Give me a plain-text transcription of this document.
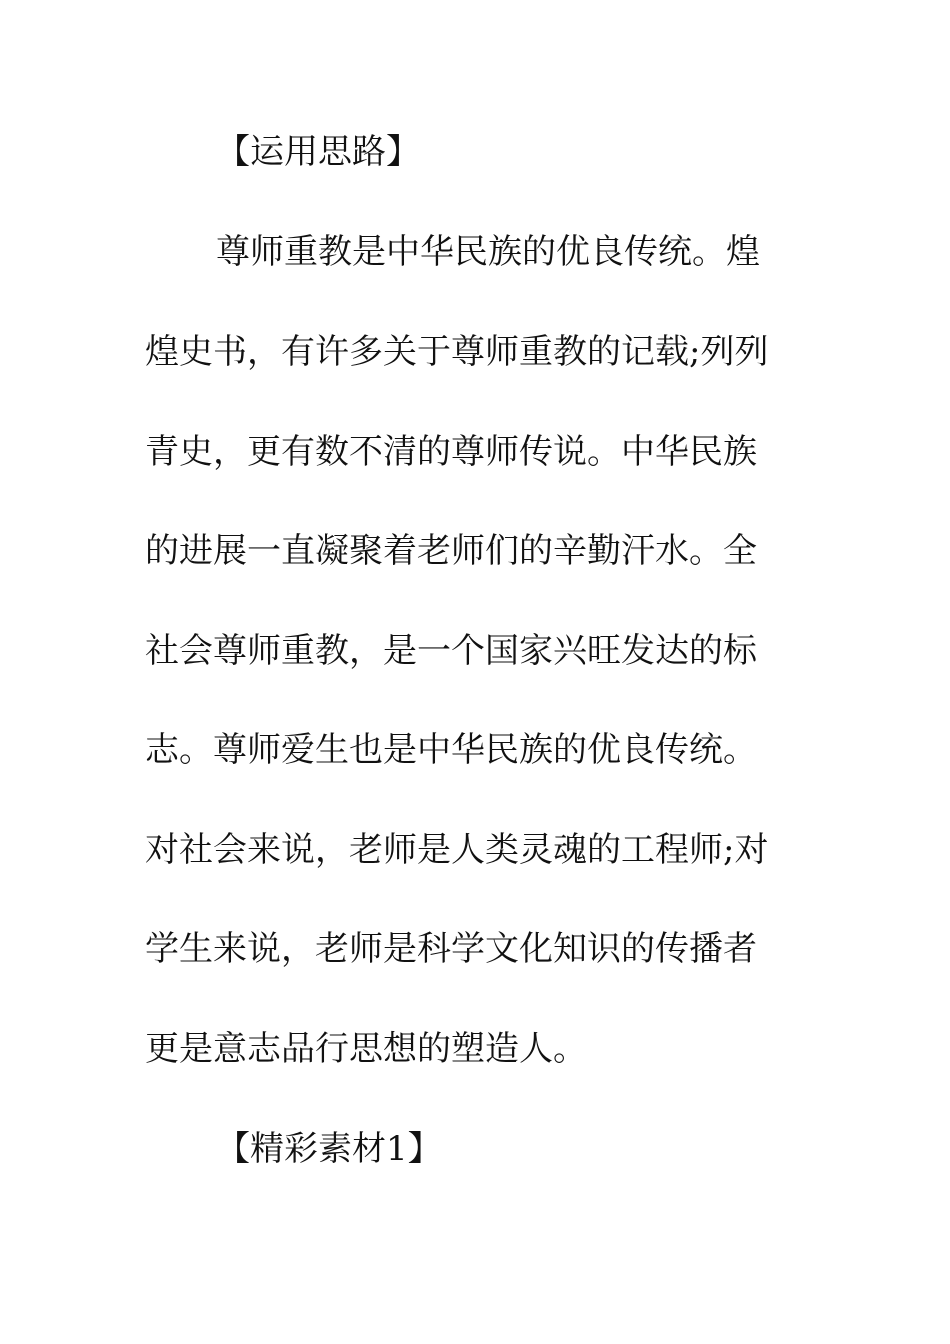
【运用思路】
尊师重教是中华民族的优良传统。煌
煌史书，有许多关于尊师重教的记载;列列
青史，更有数不清的尊师传说。中华民族
的进展一直凝聚着老师们的辛勤汗水。全
社会尊师重教，是一个国家兴旺发达的标
志。尊师爱生也是中华民族的优良传统。
对社会来说，老师是人类灵魂的工程师;对
学生来说，老师是科学文化知识的传播者
更是意志品行思想的塑造人。
【精彩素材1】
